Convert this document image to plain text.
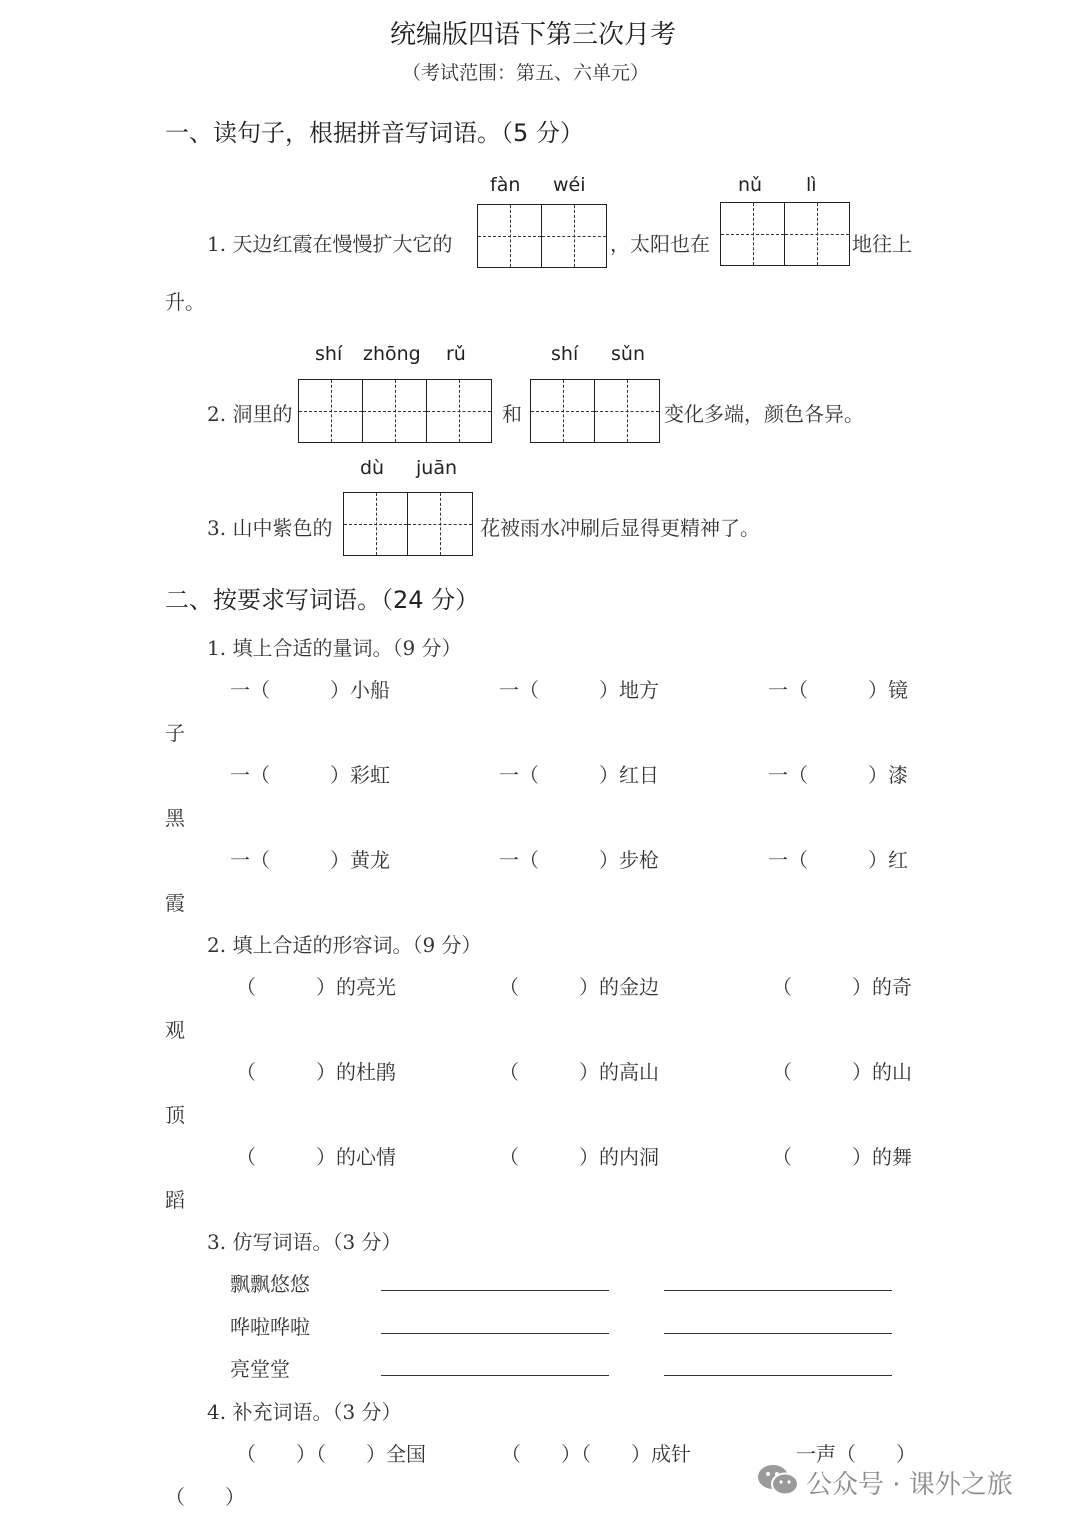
统编版四语下第三次月考
（考试范围：第五、六单元）
一、读句子，根据拼音写词语。（5 分）
fàn wéi	nǔ lì
1. 天边红霞在慢慢扩大它的	，太阳也在	地往上
升。
shí zhōng rǔ	shí sǔn
2. 洞里的	和	变化多端，颜色各异。
dù juān
3. 山中紫色的	花被雨水冲刷后显得更精神了。
二、按要求写词语。（24 分）
1. 填上合适的量词。（9 分）
一（　　　）小船	一（　　　）地方	一（　　　）镜
子
一（　　　）彩虹	一（　　　）红日	一（　　　）漆
黑
一（　　　）黄龙	一（　　　）步枪	一（　　　）红
霞
2. 填上合适的形容词。（9 分）
（　　　）的亮光	（　　　）的金边	（　　　）的奇
观
（　　　）的杜鹃	（　　　）的高山	（　　　）的山
顶
（　　　）的心情	（　　　）的内洞	（　　　）的舞
蹈
3. 仿写词语。（3 分）
飘飘悠悠
哗啦哗啦
亮堂堂
4. 补充词语。（3 分）
（　　）（　　）全国	（　　）（　　）成针	一声（　　）
（　　）	公众号 · 课外之旅
